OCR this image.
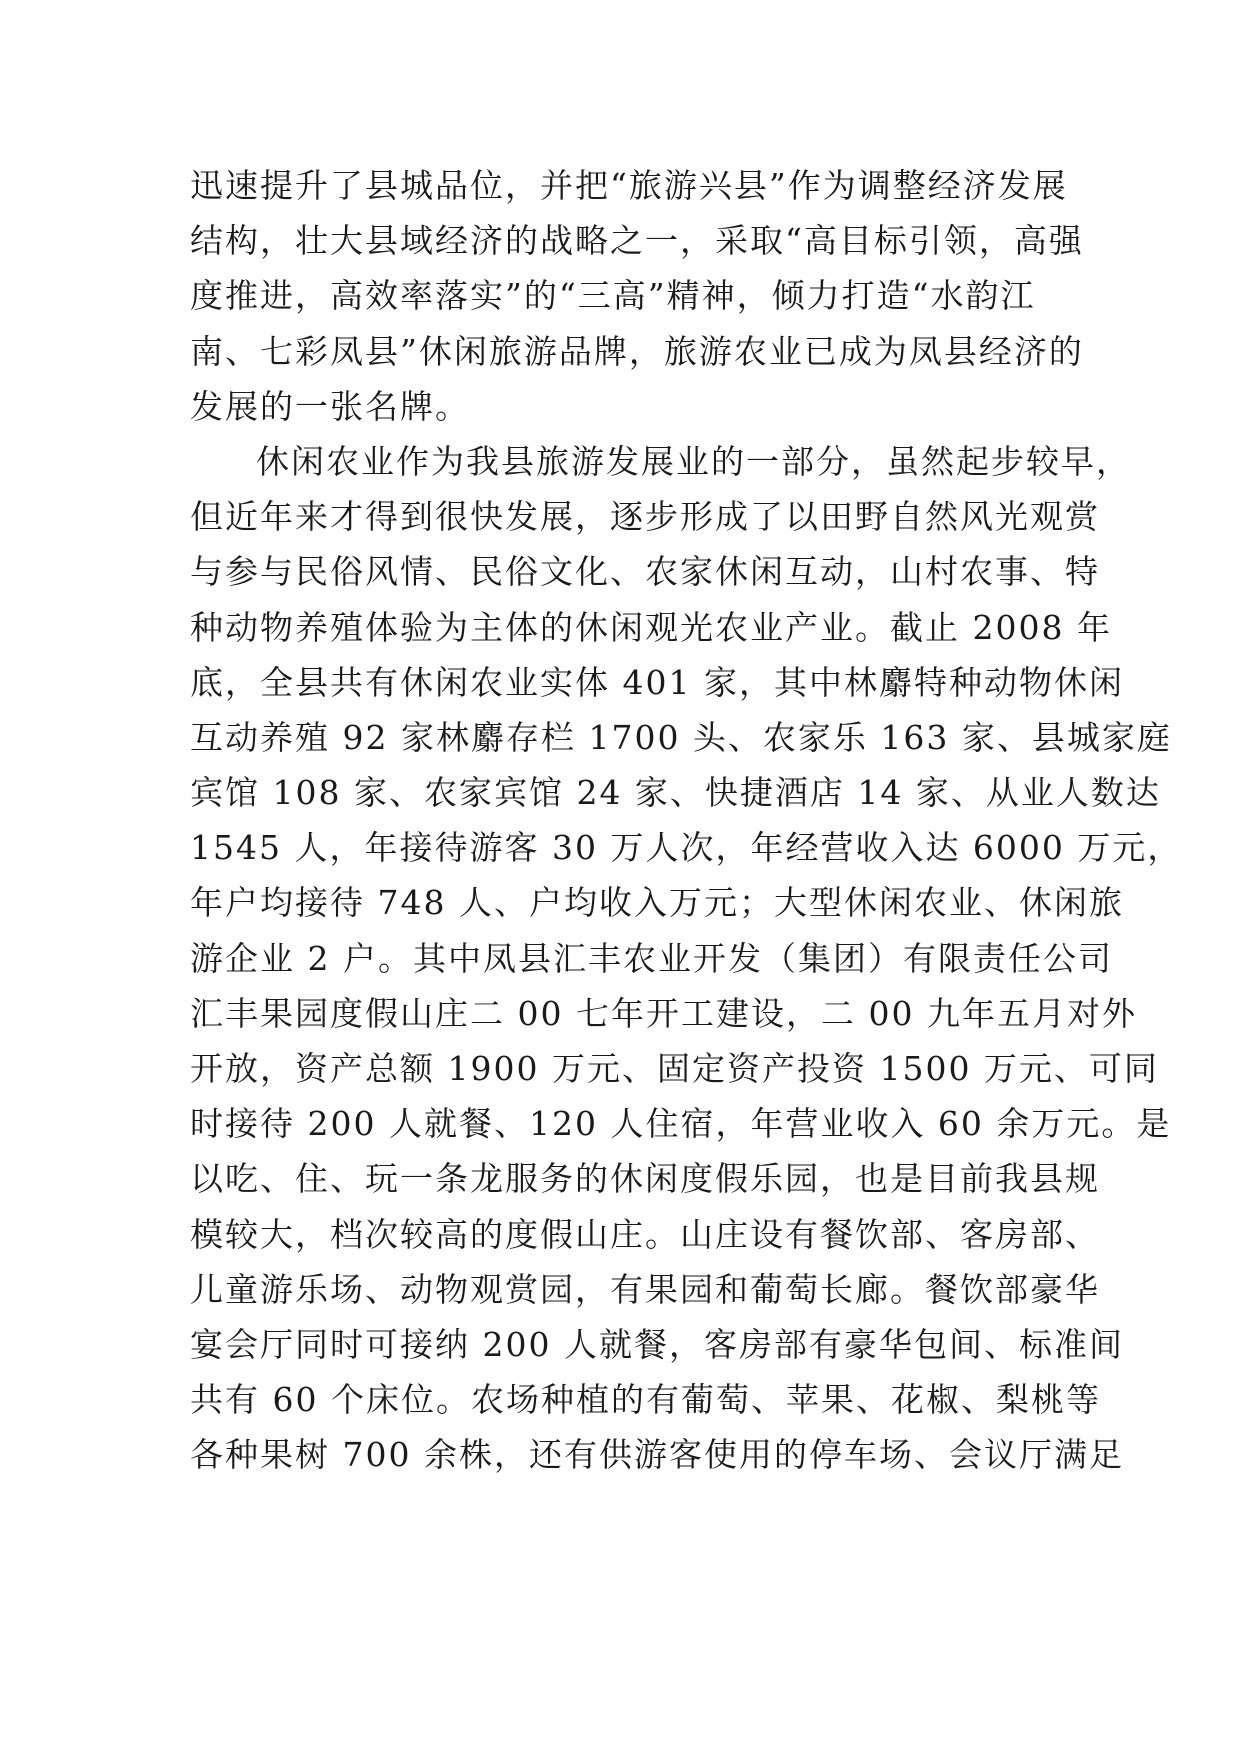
迅速提升了县城品位，并把“旅游兴县”作为调整经济发展
结构，壮大县域经济的战略之一，采取“高目标引领，高强
度推进，高效率落实”的“三高”精神，倾力打造“水韵江
南、七彩凤县”休闲旅游品牌，旅游农业已成为凤县经济的
发展的一张名牌。
休闲农业作为我县旅游发展业的一部分，虽然起步较早，
但近年来才得到很快发展，逐步形成了以田野自然风光观赏
与参与民俗风情、民俗文化、农家休闲互动，山村农事、特
种动物养殖体验为主体的休闲观光农业产业。截止 2008 年
底，全县共有休闲农业实体 401 家，其中林麝特种动物休闲
互动养殖 92 家林麝存栏 1700 头、农家乐 163 家、县城家庭
宾馆 108 家、农家宾馆 24 家、快捷酒店 14 家、从业人数达
1545 人，年接待游客 30 万人次，年经营收入达 6000 万元，
年户均接待 748 人、户均收入万元；大型休闲农业、休闲旅
游企业 2 户。其中凤县汇丰农业开发（集团）有限责任公司
汇丰果园度假山庄二 00 七年开工建设，二 00 九年五月对外
开放，资产总额 1900 万元、固定资产投资 1500 万元、可同
时接待 200 人就餐、120 人住宿，年营业收入 60 余万元。是
以吃、住、玩一条龙服务的休闲度假乐园，也是目前我县规
模较大，档次较高的度假山庄。山庄设有餐饮部、客房部、
儿童游乐场、动物观赏园，有果园和葡萄长廊。餐饮部豪华
宴会厅同时可接纳 200 人就餐，客房部有豪华包间、标准间
共有 60 个床位。农场种植的有葡萄、苹果、花椒、梨桃等
各种果树 700 余株，还有供游客使用的停车场、会议厅满足
